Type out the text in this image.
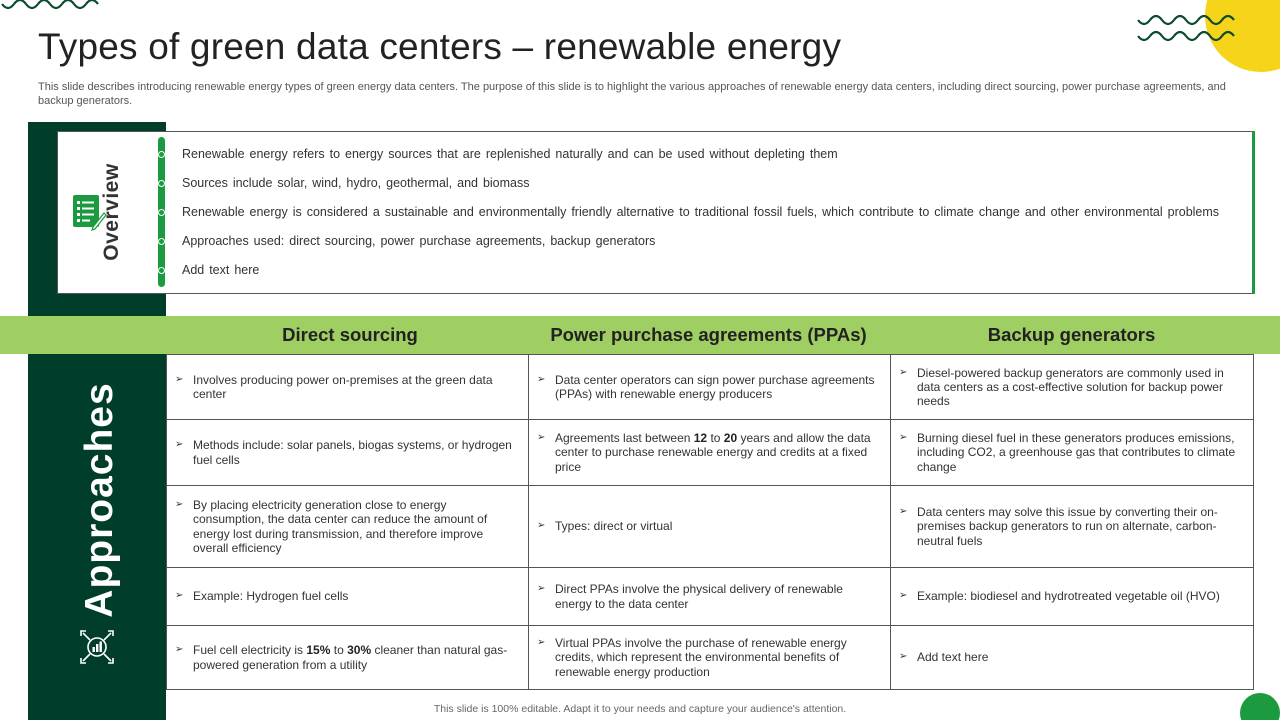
Types of green data centers – renewable energy

This slide describes introducing renewable energy types of green energy data centers. The purpose of this slide is to highlight the various approaches of renewable energy data centers, including direct sourcing, power purchase agreements, and backup generators.

Overview
Renewable energy refers to energy sources that are replenished naturally and can be used without depleting them
Sources include solar, wind, hydro, geothermal, and biomass
Renewable energy is considered a sustainable and environmentally friendly alternative to traditional fossil fuels, which contribute to climate change and other environmental problems
Approaches used: direct sourcing, power purchase agreements, backup generators
Add text here
Direct sourcing	Power purchase agreements (PPAs)	Backup generators
Approaches
➢ Involves producing power on-premises at the green data center	➢ Data center operators can sign power purchase agreements (PPAs) with renewable energy producers	➢ Diesel-powered backup generators are commonly used in data centers as a cost-effective solution for backup power needs

➢ Methods include: solar panels, biogas systems, or hydrogen fuel cells	➢ Agreements last between 12 to 20 years and allow the data center to purchase renewable energy and credits at a fixed price	➢ Burning diesel fuel in these generators produces emissions, including CO2, a greenhouse gas that contributes to climate change

➢ By placing electricity generation close to energy consumption, the data center can reduce the amount of energy lost during transmission, and therefore improve overall efficiency	➢ Types: direct or virtual	➢ Data centers may solve this issue by converting their on-premises backup generators to run on alternate, carbon-neutral fuels

➢ Example: Hydrogen fuel cells	➢ Direct PPAs involve the physical delivery of renewable energy to the data center	➢ Example: biodiesel and hydrotreated vegetable oil (HVO)

➢ Fuel cell electricity is 15% to 30% cleaner than natural gas-powered generation from a utility	➢ Virtual PPAs involve the purchase of renewable energy credits, which represent the environmental benefits of renewable energy production	➢ Add text here
This slide is 100% editable. Adapt it to your needs and capture your audience's attention.
